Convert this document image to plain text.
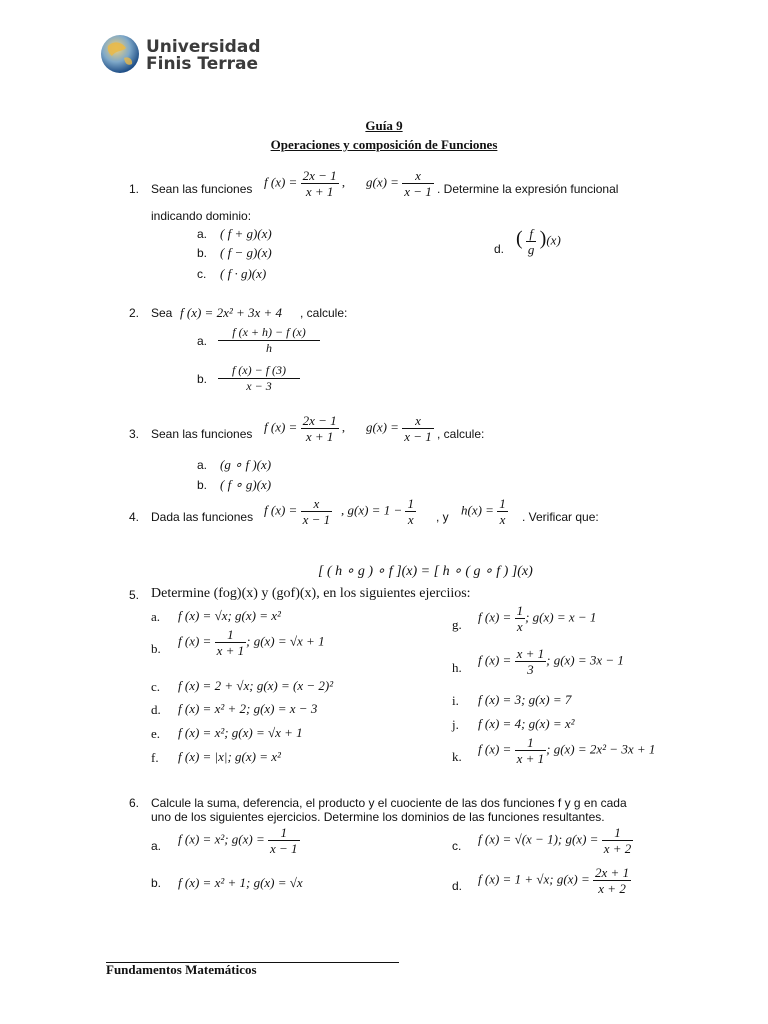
Universidad
Finis Terrae
Guía 9
Operaciones y composición de Funciones
1. Sean las funciones f $(x) = \frac{2x - 1}{x + 1}$ , $g(x) = \frac{x}{x - 1}$ . Determine la expresión funcional
indicando dominio:
a. ( f + g)(x)
b. ( f − g)(x)
c. ( f · g)(x)
d. ( $\frac{f}{g} )(x)$
2. Sea f (x) = 2x² + 3x + 4 , calcule:
a. $\frac{f (x + h) - f (x)}{h}$
b. $\frac{f (x) - f (3)}{x - 3}$
3. Sean las funciones f $(x) = \frac{2x - 1}{x + 1}$ , $g(x) = \frac{x}{x - 1}$ , calcule:
a. (g ∘ f )(x)
b. ( f ∘ g)(x)
4. Dada las funciones f $(x) = \frac{x}{x - 1}$ , $g(x) = 1 - \frac{1}{x}$ , y $h(x) = \frac{1}{x}$ . Verificar que:
[ ( h ∘ g ) ∘ f ](x) = [ h ∘ ( g ∘ f ) ](x)
5. Determine (fog)(x) y (gof)(x), en los siguientes ejerciios:
a. f (x) = √x; g(x) = x²
b.
f $(x) = \frac{1}{x + 1}$ ; g(x) = √x + 1
c. f (x) = 2 + √x; g(x) = (x − 2)²
d. f (x) = x² + 2; g(x) = x − 3
e. f (x) = x²; g(x) = √x + 1
f. f (x) = |x|; g(x) = x²
g.
f $(x) = \frac{1}{x}$ ; g(x) = x − 1
h.
f $(x) = \frac{x + 1}{3}$ ; g(x) = 3x − 1
i. f (x) = 3; g(x) = 7
j. f (x) = 4; g(x) = x²
k.
f $(x) = \frac{1}{x + 1}$ ; g(x) = 2x² − 3x + 1
6. Calcule la suma, deferencia, el producto y el cuociente de las dos funciones f y g en cada
uno de los siguientes ejercicios. Determine los dominios de las funciones resultantes.
a. f (x) = x²; $g(x) = \frac{1}{x - 1}$
b. f (x) = x² + 1; g(x) = √x
c. f (x) = √(x − 1); $g(x) = \frac{1}{x + 2}$
d. f (x) = 1 + √x; $g(x) = \frac{2x + 1}{x + 2}$
Fundamentos Matemáticos
